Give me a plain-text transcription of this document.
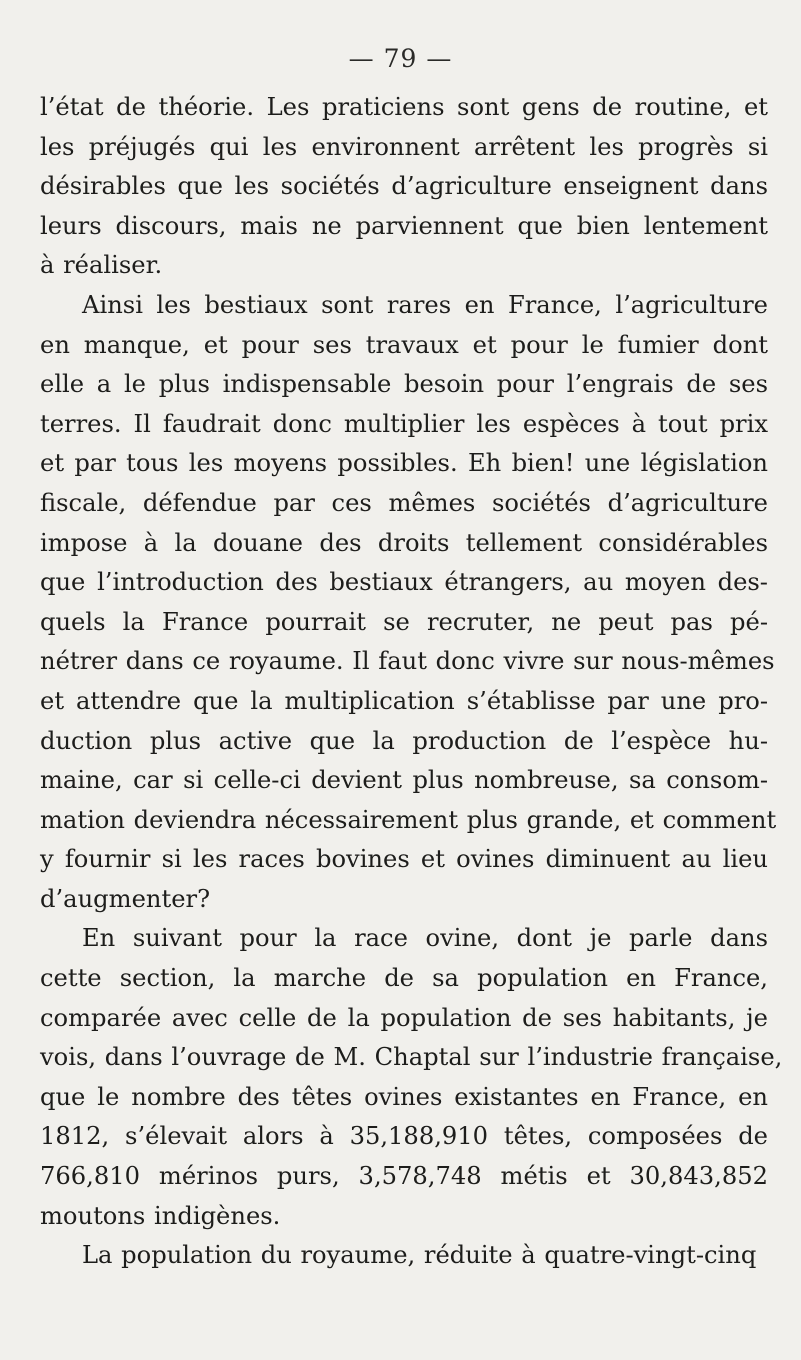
— 79 —
l’état de théorie. Les praticiens sont gens de routine, et
les préjugés qui les environnent arrêtent les progrès si
désirables que les sociétés d’agriculture enseignent dans
leurs discours, mais ne parviennent que bien lentement
à réaliser.
Ainsi les bestiaux sont rares en France, l’agriculture
en manque, et pour ses travaux et pour le fumier dont
elle a le plus indispensable besoin pour l’engrais de ses
terres. Il faudrait donc multiplier les espèces à tout prix
et par tous les moyens possibles. Eh bien! une législation
fiscale, défendue par ces mêmes sociétés d’agriculture
impose à la douane des droits tellement considérables
que l’introduction des bestiaux étrangers, au moyen des-
quels la France pourrait se recruter, ne peut pas pé-
nétrer dans ce royaume. Il faut donc vivre sur nous-mêmes
et attendre que la multiplication s’établisse par une pro-
duction plus active que la production de l’espèce hu-
maine, car si celle-ci devient plus nombreuse, sa consom-
mation deviendra nécessairement plus grande, et comment
y fournir si les races bovines et ovines diminuent au lieu
d’augmenter?
En suivant pour la race ovine, dont je parle dans
cette section, la marche de sa population en France,
comparée avec celle de la population de ses habitants, je
vois, dans l’ouvrage de M. Chaptal sur l’industrie française,
que le nombre des têtes ovines existantes en France, en
1812, s’élevait alors à 35,188,910 têtes, composées de
766,810 mérinos purs, 3,578,748 métis et 30,843,852
moutons indigènes.
La population du royaume, réduite à quatre-vingt-cinq
